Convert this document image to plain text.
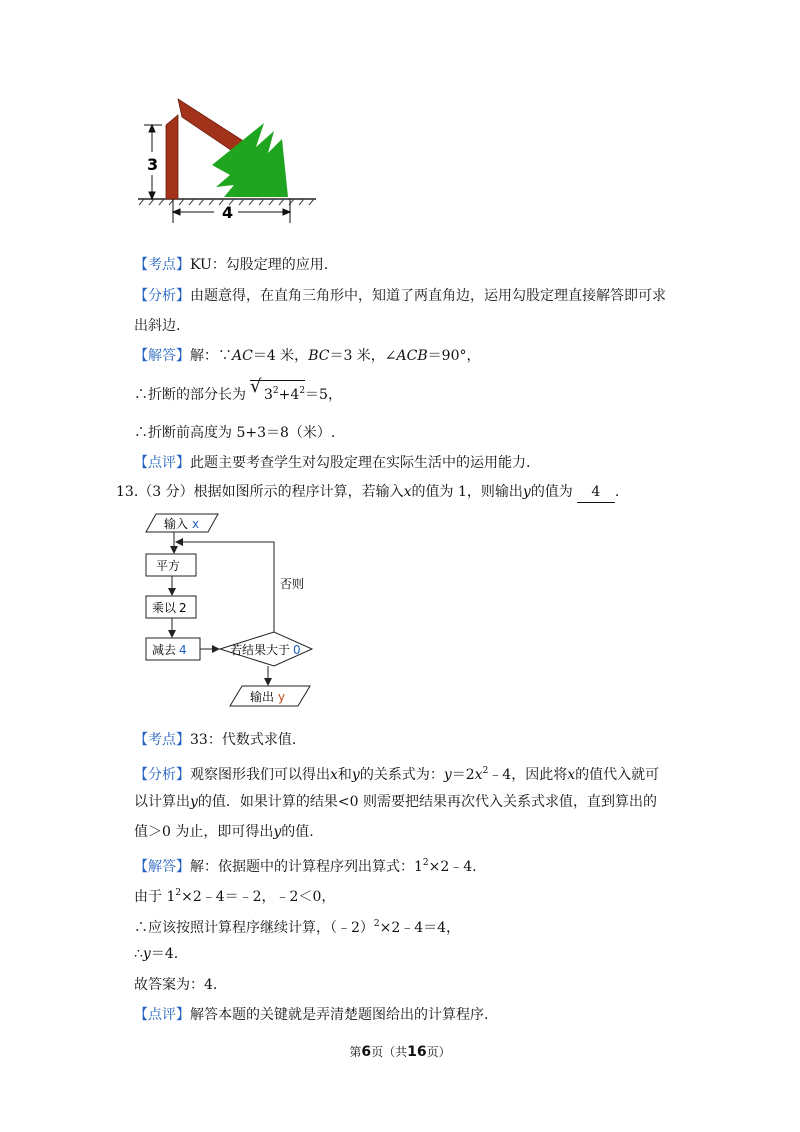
3
4
【考点】KU：勾股定理的应用.
【分析】由题意得，在直角三角形中，知道了两直角边，运用勾股定理直接解答即可求
出斜边.
【解答】解：∵AC＝4 米，BC＝3 米，∠ACB＝90°，
∴折断的部分长为 √ $3^2+4^2=5$，
∴折断前高度为 5+3＝8（米）.
【点评】此题主要考查学生对勾股定理在实际生活中的运用能力.
13.（3 分）根据如图所示的程序计算，若输入x的值为 1，则输出y的值为 4 .
输入 x
平方
乘以 2
减去 4	若结果大于 0
否则
输出 y
【考点】33：代数式求值.
【分析】观察图形我们可以得出x和y的关系式为：$y=2x^2﹣4$，因此将x的值代入就可
以计算出y的值．如果计算的结果<0 则需要把结果再次代入关系式求值，直到算出的
值＞0 为止，即可得出y的值.
【解答】解：依据题中的计算程序列出算式：$1^2\times 2﹣4$.
由于 $1^2\times 2﹣4=﹣2$，﹣2＜0，
∴应该按照计算程序继续计算，（﹣2）$^2$×2﹣4＝4，
∴y＝4.
故答案为：4.
【点评】解答本题的关键就是弄清楚题图给出的计算程序.
第6页（共16页）
